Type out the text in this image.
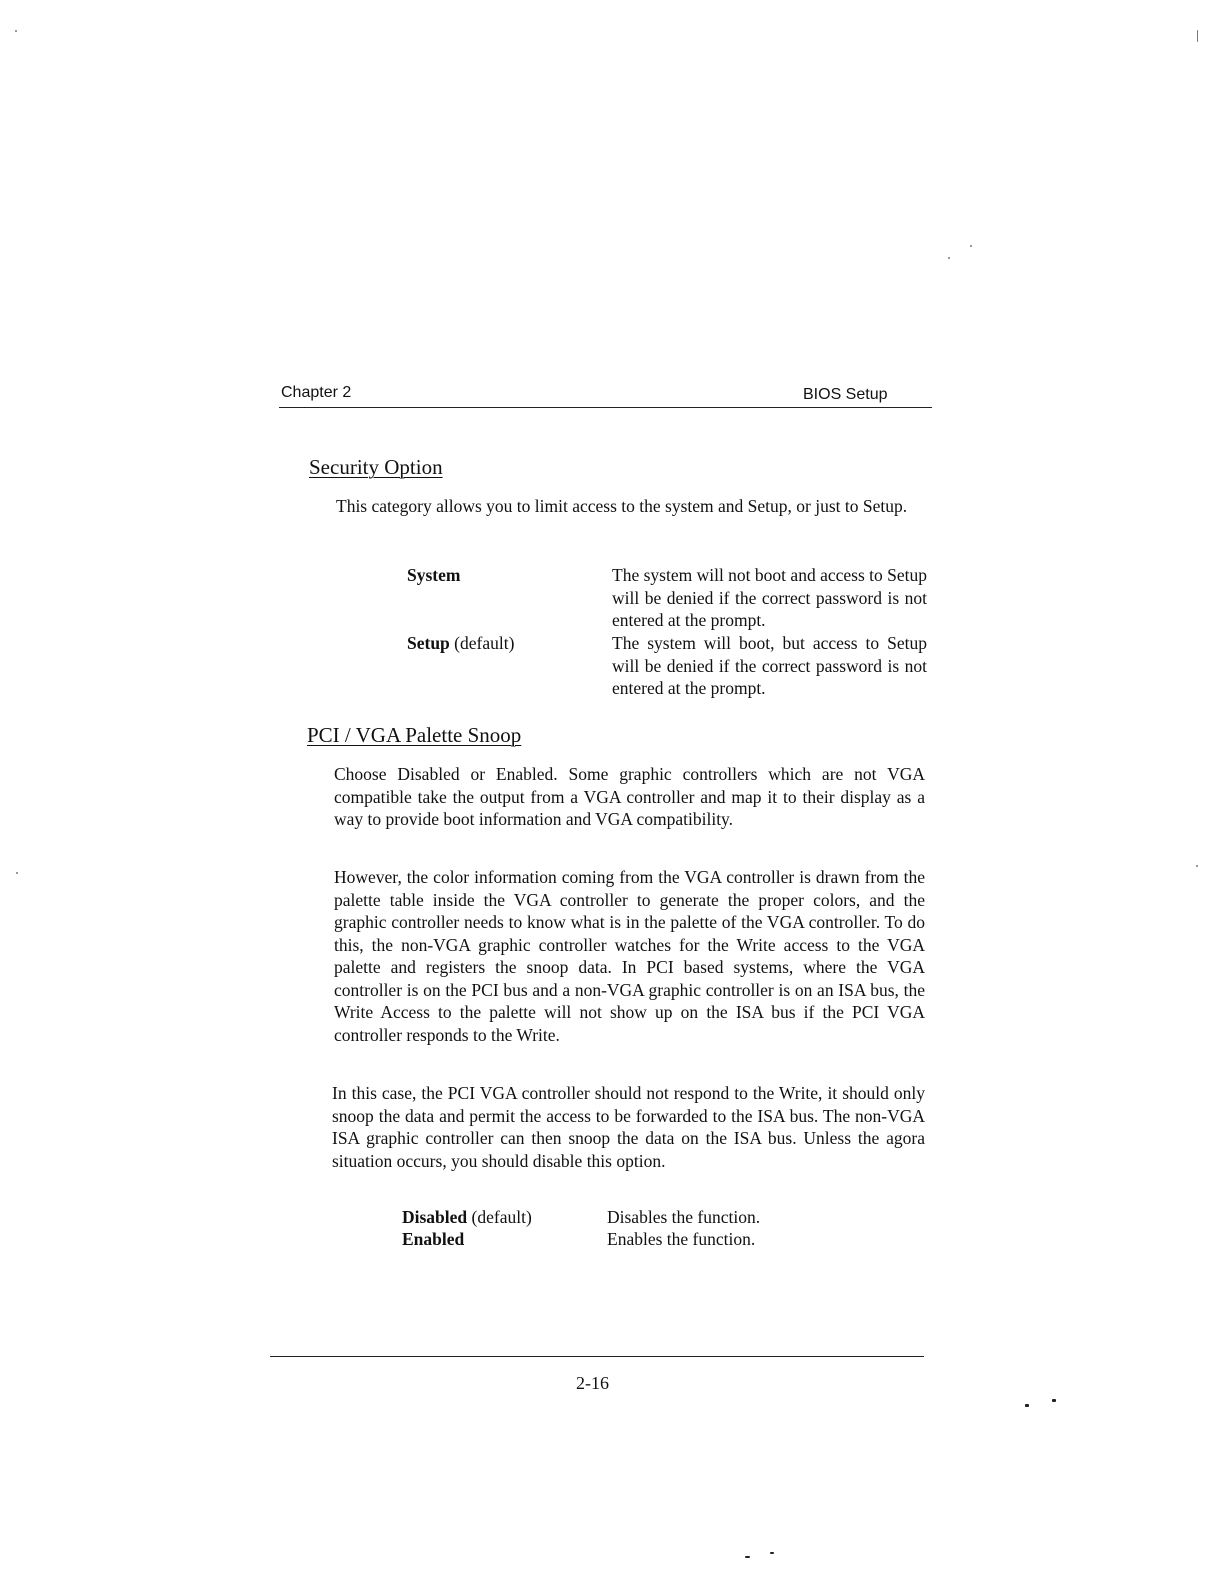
Chapter 2	BIOS Setup
Security Option
This category allows you to limit access to the system and Setup, or just to Setup.
System	The system will not boot and access to Setup will be denied if the correct password is not entered at the prompt.
Setup (default)	The system will boot, but access to Setup will be denied if the correct password is not entered at the prompt.
PCI / VGA Palette Snoop
Choose Disabled or Enabled. Some graphic controllers which are not VGA compatible take the output from a VGA controller and map it to their display as a way to provide boot information and VGA compatibility.
However, the color information coming from the VGA controller is drawn from the palette table inside the VGA controller to generate the proper colors, and the graphic controller needs to know what is in the palette of the VGA controller. To do this, the non-VGA graphic controller watches for the Write access to the VGA palette and registers the snoop data. In PCI based systems, where the VGA controller is on the PCI bus and a non-VGA graphic controller is on an ISA bus, the Write Access to the palette will not show up on the ISA bus if the PCI VGA controller responds to the Write.
In this case, the PCI VGA controller should not respond to the Write, it should only snoop the data and permit the access to be forwarded to the ISA bus. The non-VGA ISA graphic controller can then snoop the data on the ISA bus. Unless the agora situation occurs, you should disable this option.
Disabled (default)	Disables the function.
Enabled	Enables the function.
2-16
